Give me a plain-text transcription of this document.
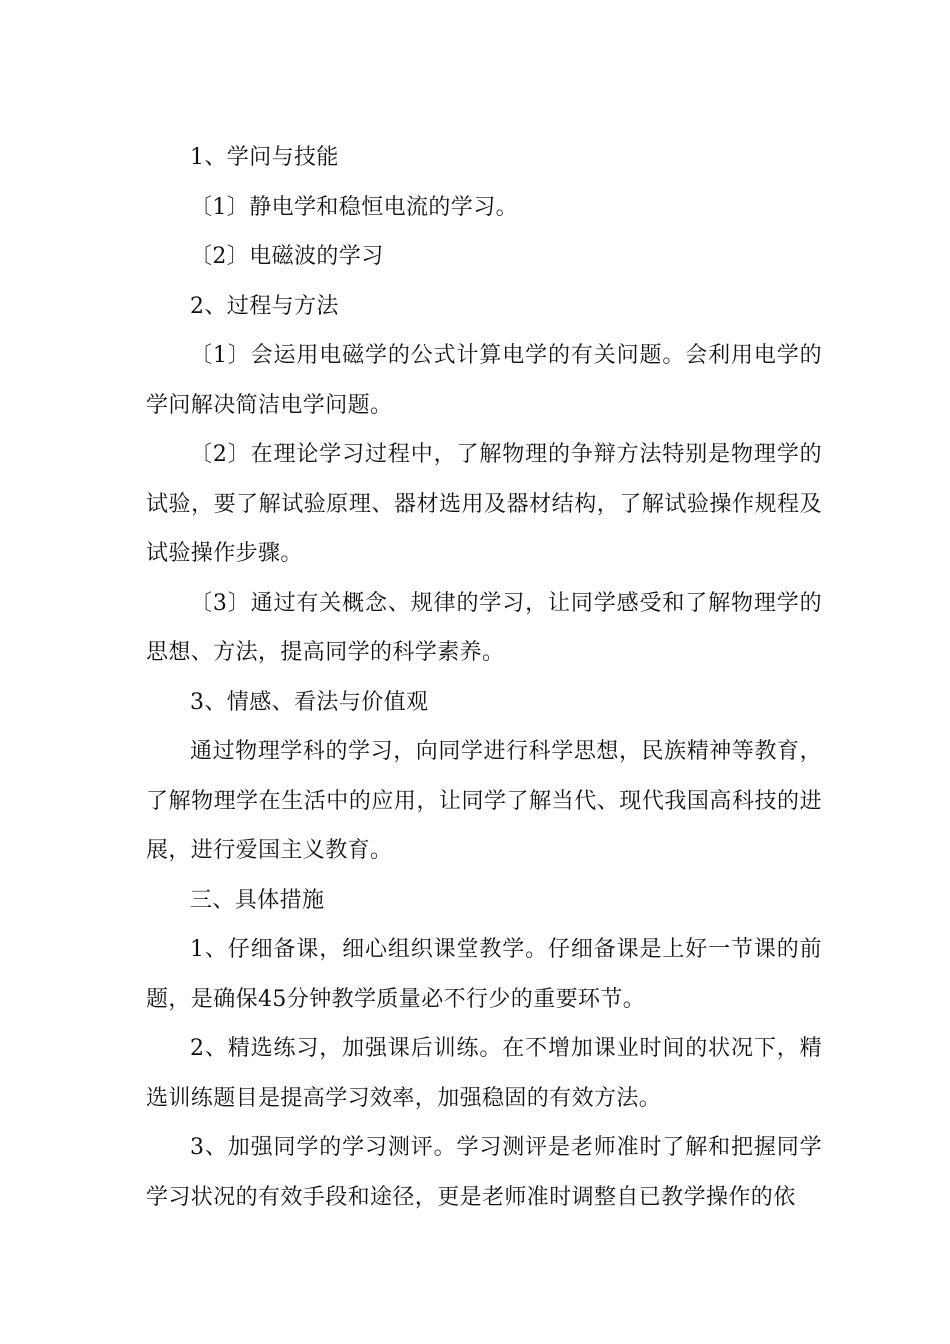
1、学问与技能

〔1〕静电学和稳恒电流的学习。

〔2〕电磁波的学习

2、过程与方法

〔1〕会运用电磁学的公式计算电学的有关问题。会利用电学的学问解决简洁电学问题。

〔2〕在理论学习过程中，了解物理的争辩方法特别是物理学的试验，要了解试验原理、器材选用及器材结构，了解试验操作规程及试验操作步骤。

〔3〕通过有关概念、规律的学习，让同学感受和了解物理学的思想、方法，提高同学的科学素养。

3、情感、看法与价值观

通过物理学科的学习，向同学进行科学思想，民族精神等教育，了解物理学在生活中的应用，让同学了解当代、现代我国高科技的进展，进行爱国主义教育。

三、具体措施

1、仔细备课，细心组织课堂教学。仔细备课是上好一节课的前题，是确保45分钟教学质量必不行少的重要环节。

2、精选练习，加强课后训练。在不增加课业时间的状况下，精选训练题目是提高学习效率，加强稳固的有效方法。

3、加强同学的学习测评。学习测评是老师准时了解和把握同学学习状况的有效手段和途径，更是老师准时调整自已教学操作的依
